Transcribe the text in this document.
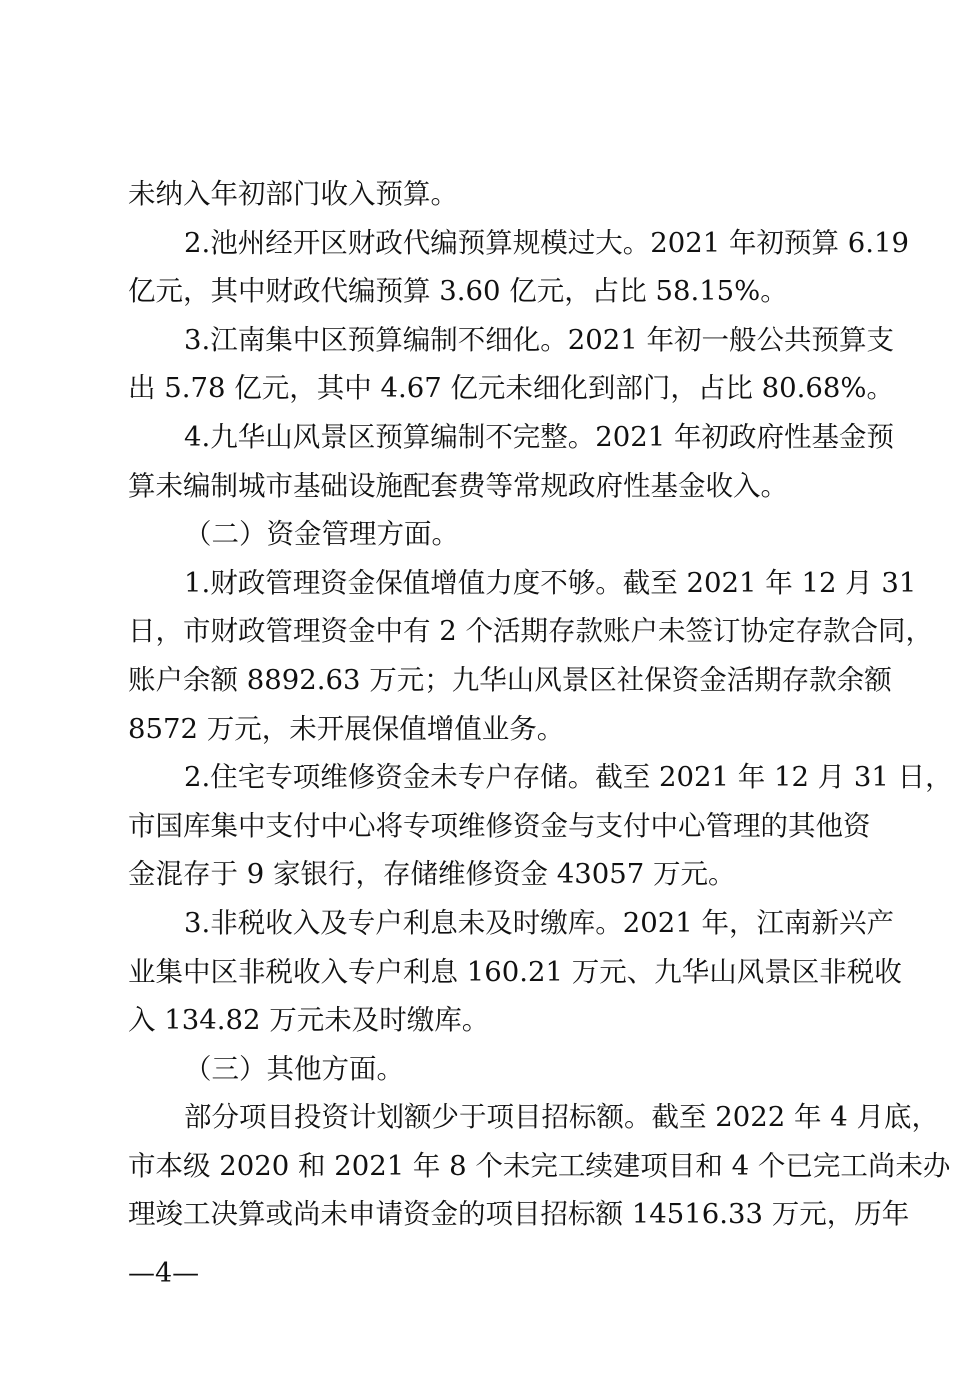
未纳入年初部门收入预算。
2.池州经开区财政代编预算规模过大。2021 年初预算 6.19
亿元，其中财政代编预算 3.60 亿元，占比 58.15%。
3.江南集中区预算编制不细化。2021 年初一般公共预算支
出 5.78 亿元，其中 4.67 亿元未细化到部门，占比 80.68%。
4.九华山风景区预算编制不完整。2021 年初政府性基金预
算未编制城市基础设施配套费等常规政府性基金收入。
（二）资金管理方面。
1.财政管理资金保值增值力度不够。截至 2021 年 12 月 31
日，市财政管理资金中有 2 个活期存款账户未签订协定存款合同，
账户余额 8892.63 万元；九华山风景区社保资金活期存款余额
8572 万元，未开展保值增值业务。
2.住宅专项维修资金未专户存储。截至 2021 年 12 月 31 日，
市国库集中支付中心将专项维修资金与支付中心管理的其他资
金混存于 9 家银行，存储维修资金 43057 万元。
3.非税收入及专户利息未及时缴库。2021 年，江南新兴产
业集中区非税收入专户利息 160.21 万元、九华山风景区非税收
入 134.82 万元未及时缴库。
（三）其他方面。
部分项目投资计划额少于项目招标额。截至 2022 年 4 月底，
市本级 2020 和 2021 年 8 个未完工续建项目和 4 个已完工尚未办
理竣工决算或尚未申请资金的项目招标额 14516.33 万元，历年
—4—
